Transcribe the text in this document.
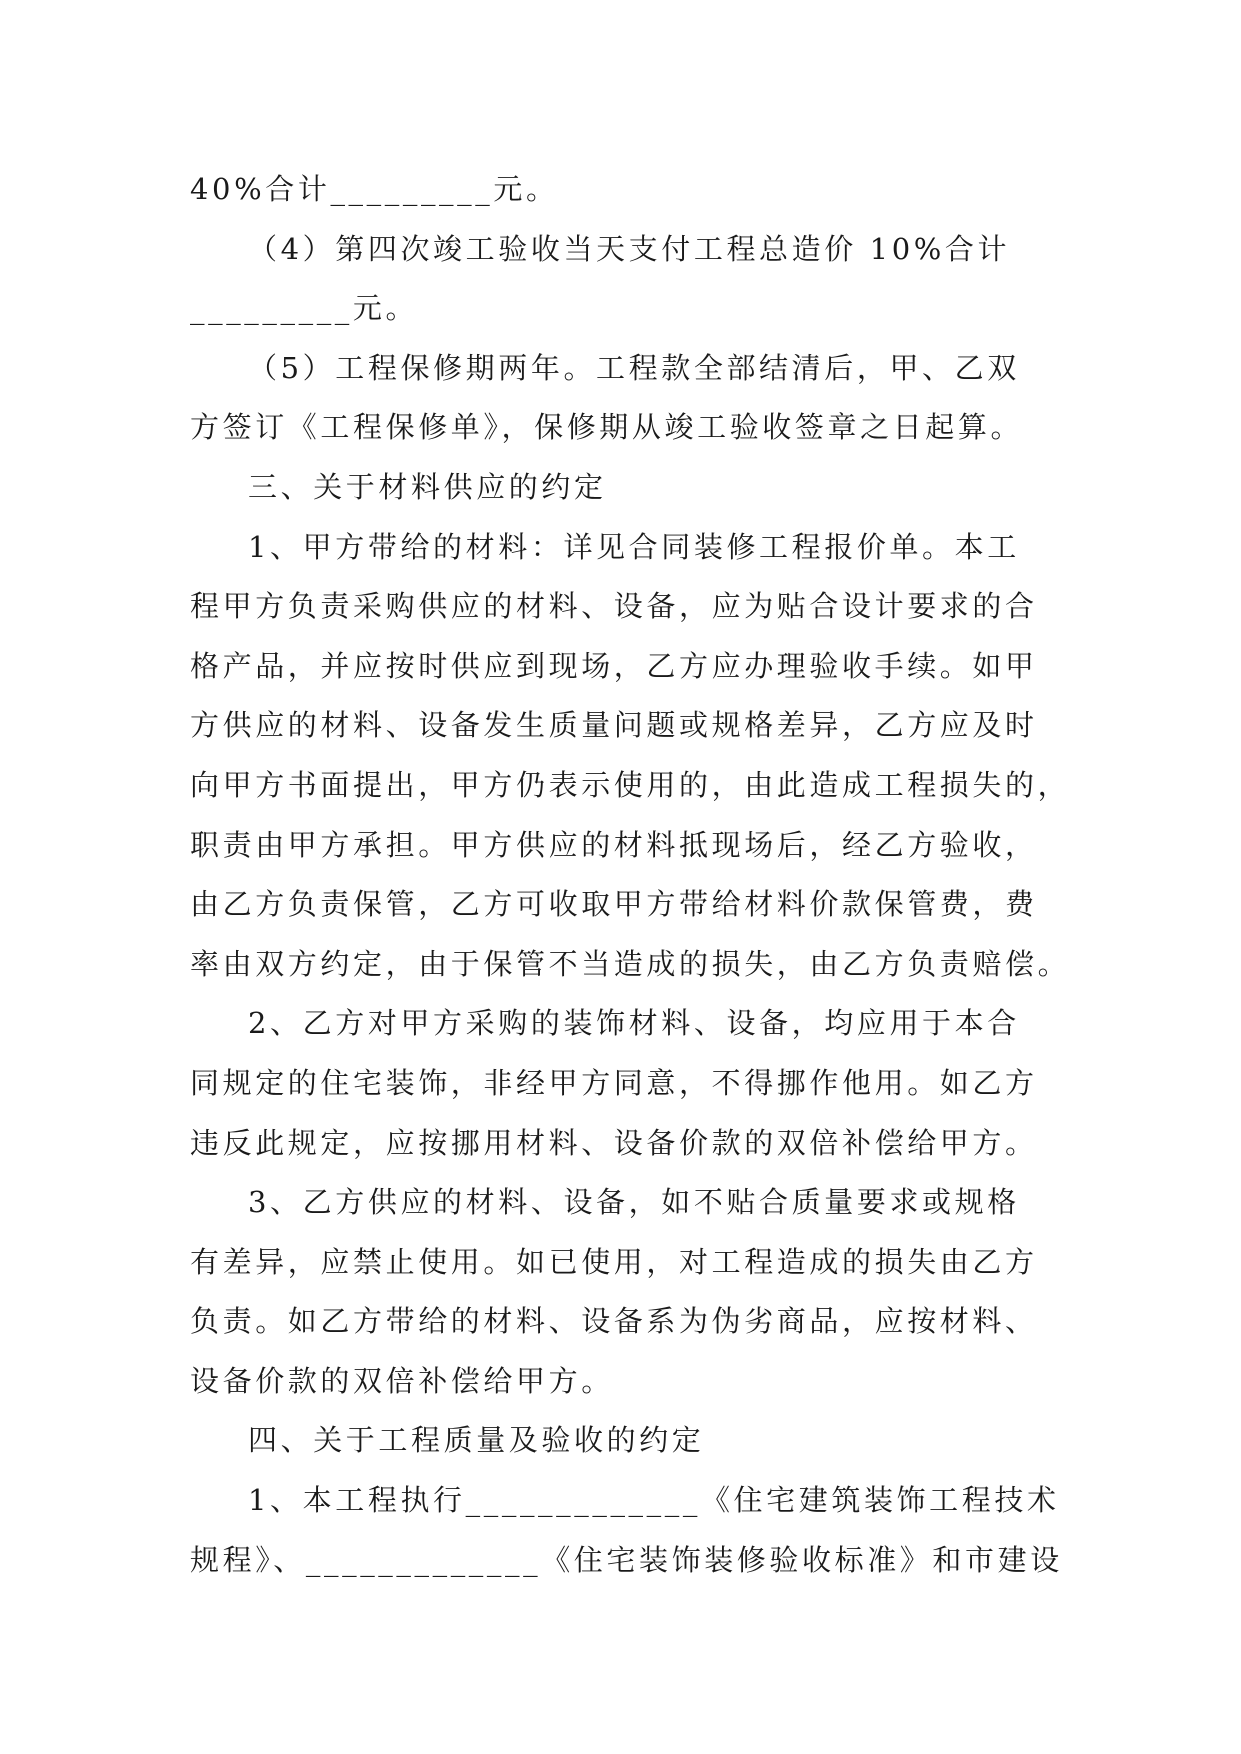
40%合计_________元。
（4）第四次竣工验收当天支付工程总造价 10%合计
_________元。
（5）工程保修期两年。工程款全部结清后，甲、乙双
方签订《工程保修单》，保修期从竣工验收签章之日起算。
三、关于材料供应的约定
1、甲方带给的材料：详见合同装修工程报价单。本工
程甲方负责采购供应的材料、设备，应为贴合设计要求的合
格产品，并应按时供应到现场，乙方应办理验收手续。如甲
方供应的材料、设备发生质量问题或规格差异，乙方应及时
向甲方书面提出，甲方仍表示使用的，由此造成工程损失的，
职责由甲方承担。甲方供应的材料抵现场后，经乙方验收，
由乙方负责保管，乙方可收取甲方带给材料价款保管费，费
率由双方约定，由于保管不当造成的损失，由乙方负责赔偿。
2、乙方对甲方采购的装饰材料、设备，均应用于本合
同规定的住宅装饰，非经甲方同意，不得挪作他用。如乙方
违反此规定，应按挪用材料、设备价款的双倍补偿给甲方。
3、乙方供应的材料、设备，如不贴合质量要求或规格
有差异，应禁止使用。如已使用，对工程造成的损失由乙方
负责。如乙方带给的材料、设备系为伪劣商品，应按材料、
设备价款的双倍补偿给甲方。
四、关于工程质量及验收的约定
1、本工程执行_____________《住宅建筑装饰工程技术
规程》、_____________《住宅装饰装修验收标准》和市建设
